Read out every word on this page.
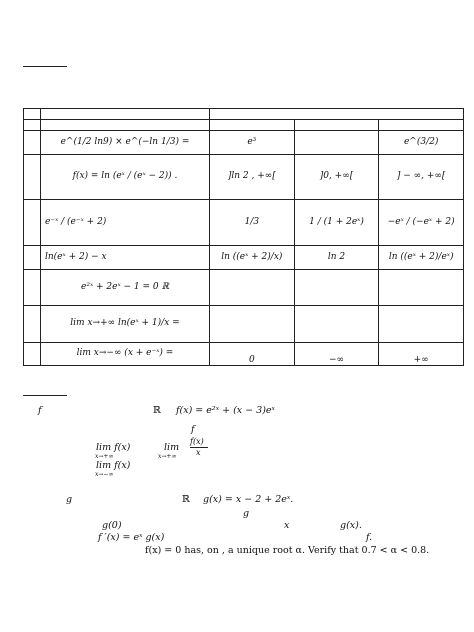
	e^(1/2 ln9) × e^(−ln 1/3) =	e³		e^(3/2)
	f(x) = ln (eˣ / (eˣ − 2)) .	]ln 2 , +∞[	]0, +∞[	] − ∞, +∞[
	e⁻ˣ / (e⁻ˣ + 2)	1/3	1 / (1 + 2eˣ)	−eˣ / (−eˣ + 2)
	ln(eˣ + 2) − x	ln ((eˣ + 2)/x)	ln 2	ln ((eˣ + 2)/eˣ)
	e²ˣ + 2eˣ − 1 = 0 ℝ			
	lim x→+∞ ln(eˣ + 1)/x =			
	lim x→−∞ (x + e⁻ˣ) =	0	−∞	+∞
f	ℝ f(x) = e²ˣ + (x − 3)eˣ
f
lim f(x)
x→+∞
lim
x→+∞
f(x)
x
lim f(x)
x→−∞
g	ℝ g(x) = x − 2 + 2eˣ.
g
g(0)	x	g(x).
f ′(x) = eˣ g(x)	f.
f(x) = 0 has, on , a unique root α. Verify that 0.7 < α < 0.8.
